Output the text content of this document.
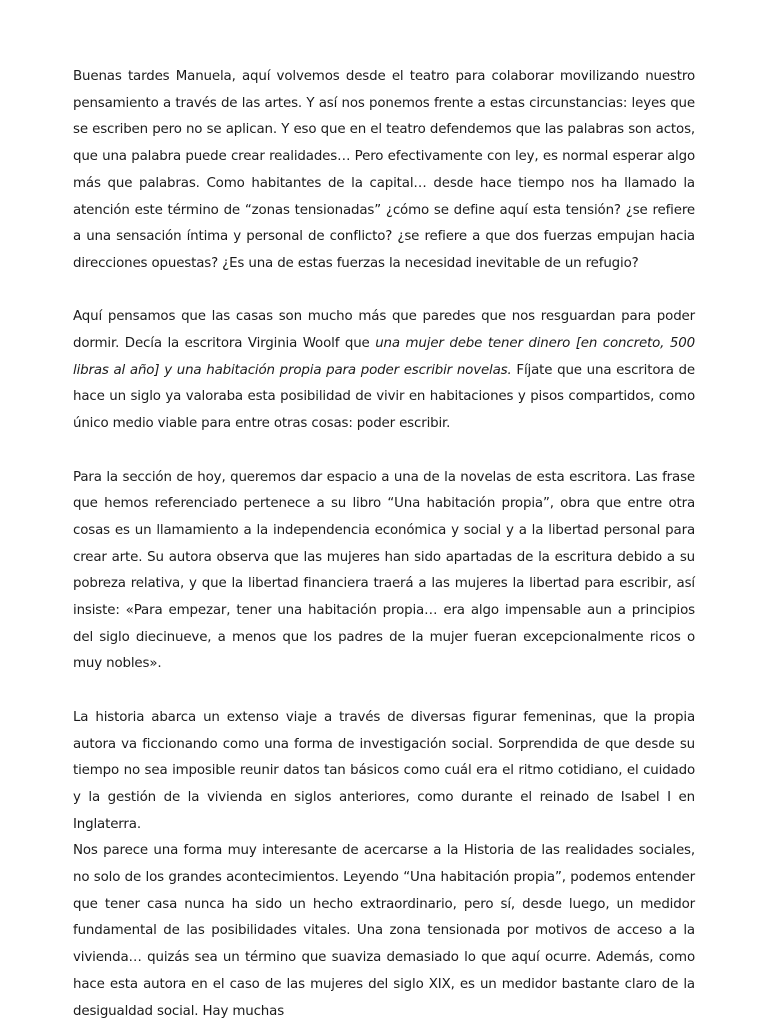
Buenas tardes Manuela, aquí volvemos desde el teatro para colaborar movilizando nuestro pensamiento a través de las artes. Y así nos ponemos frente a estas circunstancias: leyes que se escriben pero no se aplican. Y eso que en el teatro defendemos que las palabras son actos, que una palabra puede crear realidades… Pero efectivamente con ley, es normal esperar algo más que palabras. Como habitantes de la capital… desde hace tiempo nos ha llamado la atención este término de “zonas tensionadas” ¿cómo se define aquí esta tensión? ¿se refiere a una sensación íntima y personal de conflicto? ¿se refiere a que dos fuerzas empujan hacia direcciones opuestas? ¿Es una de estas fuerzas la necesidad inevitable de un refugio?

Aquí pensamos que las casas son mucho más que paredes que nos resguardan para poder dormir. Decía la escritora Virginia Woolf que una mujer debe tener dinero [en concreto, 500 libras al año] y una habitación propia para poder escribir novelas. Fíjate que una escritora de hace un siglo ya valoraba esta posibilidad de vivir en habitaciones y pisos compartidos, como único medio viable para entre otras cosas: poder escribir.

Para la sección de hoy, queremos dar espacio a una de la novelas de esta escritora. Las frase que hemos referenciado pertenece a su libro “Una habitación propia”, obra que entre otra cosas es un llamamiento a la independencia económica y social y a la libertad personal para crear arte. Su autora observa que las mujeres han sido apartadas de la escritura debido a su pobreza relativa, y que la libertad financiera traerá a las mujeres la libertad para escribir, así insiste: «Para empezar, tener una habitación propia… era algo impensable aun a principios del siglo diecinueve, a menos que los padres de la mujer fueran excepcionalmente ricos o muy nobles».

La historia abarca un extenso viaje a través de diversas figurar femeninas, que la propia autora va ficcionando como una forma de investigación social. Sorprendida de que desde su tiempo no sea imposible reunir datos tan básicos como cuál era el ritmo cotidiano, el cuidado y la gestión de la vivienda en siglos anteriores, como durante el reinado de Isabel I en Inglaterra.

Nos parece una forma muy interesante de acercarse a la Historia de las realidades sociales, no solo de los grandes acontecimientos. Leyendo “Una habitación propia”, podemos entender que tener casa nunca ha sido un hecho extraordinario, pero sí, desde luego, un medidor fundamental de las posibilidades vitales. Una zona tensionada por motivos de acceso a la vivienda… quizás sea un término que suaviza demasiado lo que aquí ocurre. Además, como hace esta autora en el caso de las mujeres del siglo XIX, es un medidor bastante claro de la desigualdad social. Hay muchas
